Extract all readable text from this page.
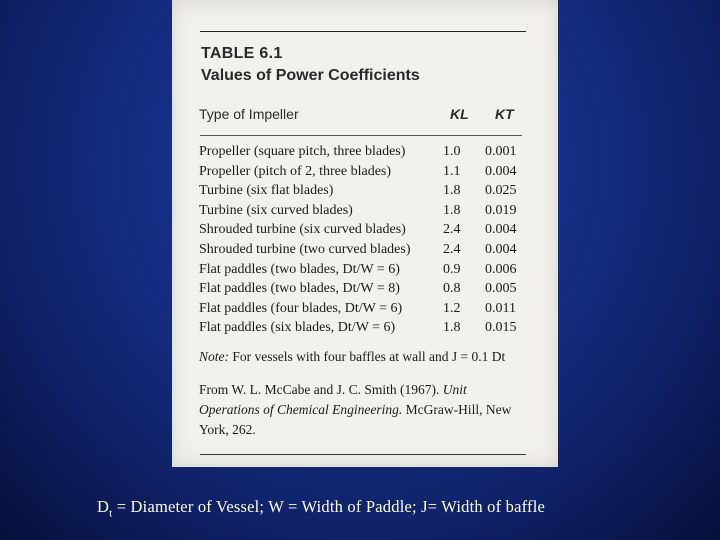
TABLE 6.1
Values of Power Coefficients
Type of Impeller	KL KT
Propeller (square pitch, three blades)	1.0 0.001
Propeller (pitch of 2, three blades)	1.1 0.004
Turbine (six flat blades)	1.8 0.025
Turbine (six curved blades)	1.8 0.019
Shrouded turbine (six curved blades)	2.4 0.004
Shrouded turbine (two curved blades) 2.4 0.004
Flat paddles (two blades, Dt/W = 6)	0.9 0.006
Flat paddles (two blades, Dt/W = 8)	0.8 0.005
Flat paddles (four blades, Dt/W = 6)	1.2 0.011
Flat paddles (six blades, Dt/W = 6)	1.8 0.015
Note: For vessels with four baffles at wall and J = 0.1 Dt
From W. L. McCabe and J. C. Smith (1967). Unit Operations of Chemical Engineering. McGraw-Hill, New York, 262.
$D_t$ = Diameter of Vessel; W = Width of Paddle; J= Width of baffle
